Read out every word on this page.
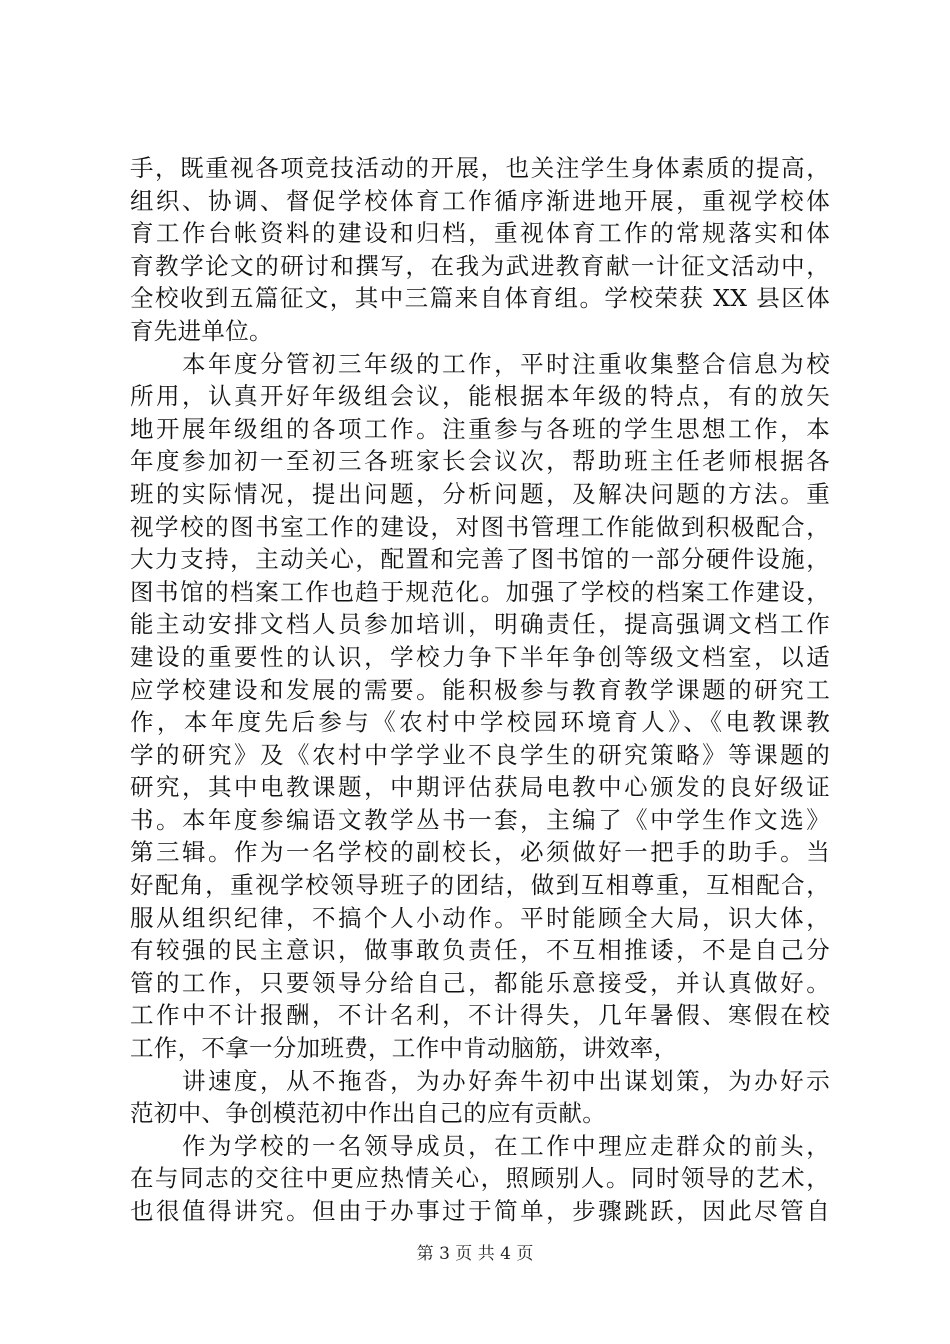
手，既重视各项竞技活动的开展，也关注学生身体素质的提高，
组织、协调、督促学校体育工作循序渐进地开展，重视学校体
育工作台帐资料的建设和归档，重视体育工作的常规落实和体
育教学论文的研讨和撰写，在我为武进教育献一计征文活动中，
全校收到五篇征文，其中三篇来自体育组。学校荣获 XX 县区体
育先进单位。
　　本年度分管初三年级的工作，平时注重收集整合信息为校
所用，认真开好年级组会议，能根据本年级的特点，有的放矢
地开展年级组的各项工作。注重参与各班的学生思想工作，本
年度参加初一至初三各班家长会议次，帮助班主任老师根据各
班的实际情况，提出问题，分析问题，及解决问题的方法。重
视学校的图书室工作的建设，对图书管理工作能做到积极配合，
大力支持，主动关心，配置和完善了图书馆的一部分硬件设施，
图书馆的档案工作也趋于规范化。加强了学校的档案工作建设，
能主动安排文档人员参加培训，明确责任，提高强调文档工作
建设的重要性的认识，学校力争下半年争创等级文档室，以适
应学校建设和发展的需要。能积极参与教育教学课题的研究工
作，本年度先后参与《农村中学校园环境育人》、《电教课教
学的研究》及《农村中学学业不良学生的研究策略》等课题的
研究，其中电教课题，中期评估获局电教中心颁发的良好级证
书。本年度参编语文教学丛书一套，主编了《中学生作文选》
第三辑。作为一名学校的副校长，必须做好一把手的助手。当
好配角，重视学校领导班子的团结，做到互相尊重，互相配合，
服从组织纪律，不搞个人小动作。平时能顾全大局，识大体，
有较强的民主意识，做事敢负责任，不互相推诿，不是自己分
管的工作，只要领导分给自己，都能乐意接受，并认真做好。
工作中不计报酬，不计名利，不计得失，几年暑假、寒假在校
工作，不拿一分加班费，工作中肯动脑筋，讲效率，
　　讲速度，从不拖沓，为办好奔牛初中出谋划策，为办好示
范初中、争创模范初中作出自己的应有贡献。
　　作为学校的一名领导成员，在工作中理应走群众的前头，
在与同志的交往中更应热情关心，照顾别人。同时领导的艺术，
也很值得讲究。但由于办事过于简单，步骤跳跃，因此尽管自
第 3 页 共 4 页
